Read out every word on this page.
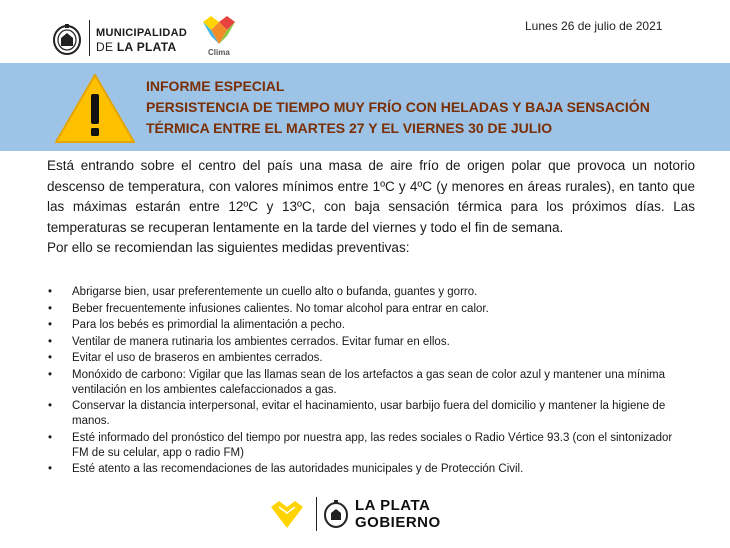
MUNICIPALIDAD
DE LA PLATA	Clima
Lunes 26 de julio de 2021
INFORME ESPECIAL
PERSISTENCIA DE TIEMPO MUY FRÍO CON HELADAS Y BAJA SENSACIÓN
TÉRMICA ENTRE EL MARTES 27 Y EL VIERNES 30 DE JULIO

Está entrando sobre el centro del país una masa de aire frío de origen polar que provoca un notorio descenso de temperatura, con valores mínimos entre 1ºC y 4ºC (y menores en áreas rurales), en tanto que las máximas estarán entre 12ºC y 13ºC, con baja sensación térmica para los próximos días. Las temperaturas se recuperan lentamente en la tarde del viernes y todo el fin de semana.

Por ello se recomiendan las siguientes medidas preventivas:

• Abrigarse bien, usar preferentemente un cuello alto o bufanda, guantes y gorro.
• Beber frecuentemente infusiones calientes. No tomar alcohol para entrar en calor.
• Para los bebés es primordial la alimentación a pecho.
• Ventilar de manera rutinaria los ambientes cerrados. Evitar fumar en ellos.
• Evitar el uso de braseros en ambientes cerrados.
• Monóxido de carbono: Vigilar que las llamas sean de los artefactos a gas sean de color azul y mantener una mínima ventilación en los ambientes calefaccionados a gas.
• Conservar la distancia interpersonal, evitar el hacinamiento, usar barbijo fuera del domicilio y mantener la higiene de manos.
• Esté informado del pronóstico del tiempo por nuestra app, las redes sociales o Radio Vértice 93.3 (con el sintonizador FM de su celular, app o radio FM)
• Esté atento a las recomendaciones de las autoridades municipales y de Protección Civil.
LA PLATA
GOBIERNO
